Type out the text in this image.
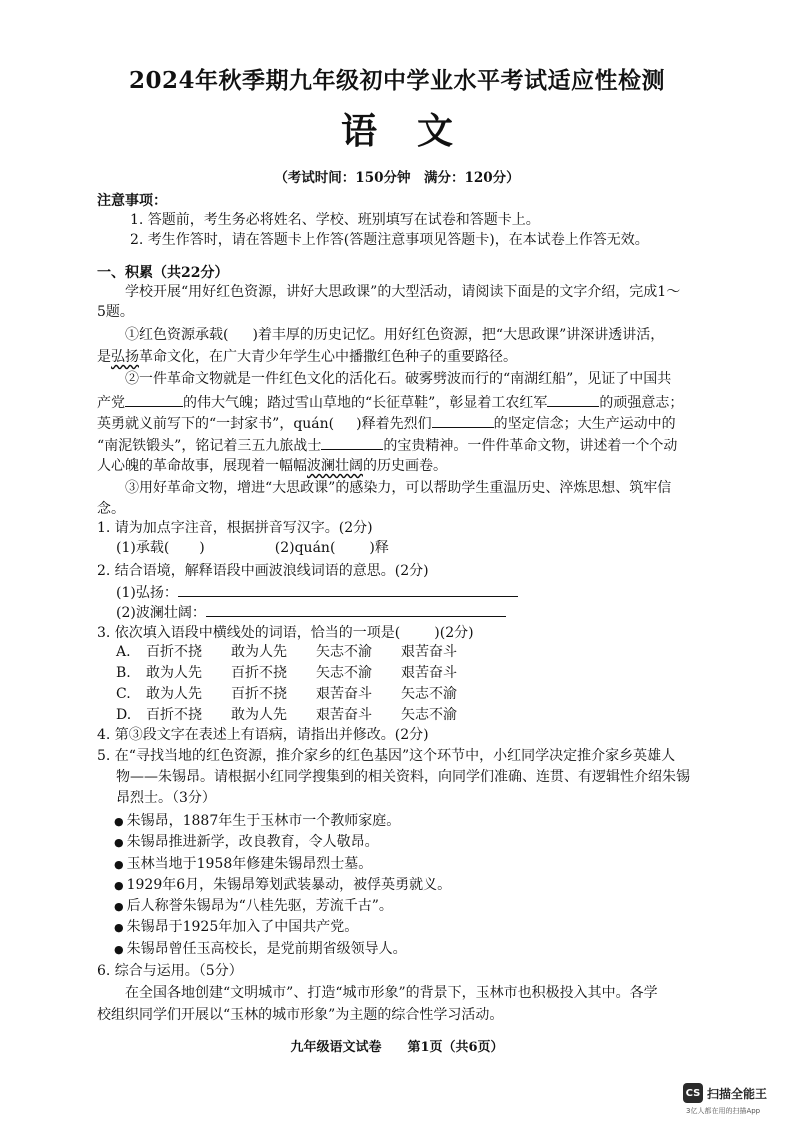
2024年秋季期九年级初中学业水平考试适应性检测
语文
（考试时间：150分钟　满分：120分）
注意事项：
1. 答题前，考生务必将姓名、学校、班别填写在试卷和答题卡上。
2. 考生作答时，请在答题卡上作答(答题注意事项见答题卡)，在本试卷上作答无效。
一、积累（共22分）
学校开展“用好红色资源，讲好大思政课”的大型活动，请阅读下面是的文字介绍，完成1～
5题。
①红色资源承载( )着丰厚的历史记忆。用好红色资源，把“大思政课”讲深讲透讲活，
是弘扬革命文化，在广大青少年学生心中播撒红色种子的重要路径。
②一件革命文物就是一件红色文化的活化石。破雾劈波而行的“南湖红船”，见证了中国共
产党	的伟大气魄；踏过雪山草地的“长征草鞋”，彰显着工农红军	的顽强意志；
英勇就义前写下的“一封家书”，quán( )释着先烈们	的坚定信念；大生产运动中的
“南泥铁锻头”，铭记着三五九旅战士	的宝贵精神。一件件革命文物，讲述着一个个动
人心魄的革命故事，展现着一幅幅波澜壮阔的历史画卷。
③用好革命文物，增进“大思政课”的感染力，可以帮助学生重温历史、淬炼思想、筑牢信
念。
1. 请为加点字注音，根据拼音写汉字。(2分)
(1)承载( )	(2)quán( )释
2. 结合语境，解释语段中画波浪线词语的意思。(2分)
(1)弘扬：
(2)波澜壮阔：
3. 依次填入语段中横线处的词语，恰当的一项是( )(2分)
A.百折不挠 敢为人先 矢志不渝 艰苦奋斗
B.敢为人先 百折不挠 矢志不渝 艰苦奋斗
C.敢为人先 百折不挠 艰苦奋斗 矢志不渝
D.百折不挠 敢为人先 艰苦奋斗 矢志不渝
4. 第③段文字在表述上有语病，请指出并修改。(2分)
5. 在“寻找当地的红色资源，推介家乡的红色基因”这个环节中，小红同学决定推介家乡英雄人
物——朱锡昂。请根据小红同学搜集到的相关资料，向同学们准确、连贯、有逻辑性介绍朱锡
昂烈士。（3分）
● 朱锡昂，1887年生于玉林市一个教师家庭。
● 朱锡昂推进新学，改良教育，令人敬昂。
● 玉林当地于1958年修建朱锡昂烈士墓。
● 1929年6月，朱锡昂筹划武装暴动，被俘英勇就义。
● 后人称誉朱锡昂为“八桂先驱，芳流千古”。
● 朱锡昂于1925年加入了中国共产党。
● 朱锡昂曾任玉高校长，是党前期省级领导人。
6. 综合与运用。（5分）
在全国各地创建“文明城市”、打造“城市形象”的背景下，玉林市也积极投入其中。各学
校组织同学们开展以“玉林的城市形象”为主题的综合性学习活动。
九年级语文试卷　　第1页（共6页）
CS 扫描全能王
3亿人都在用的扫描App
